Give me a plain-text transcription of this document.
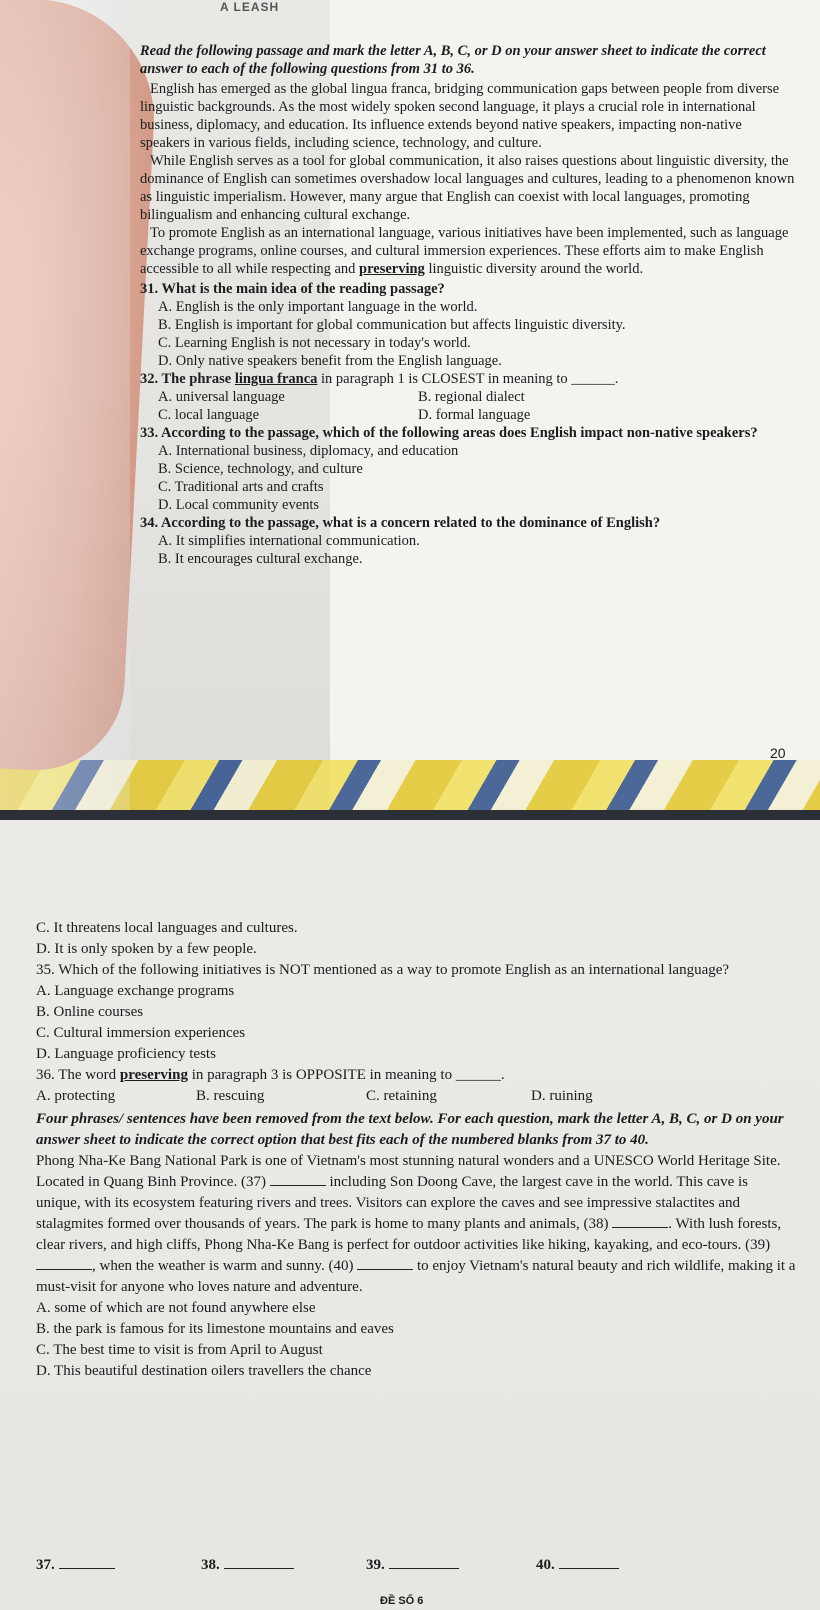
A LEASH

Read the following passage and mark the letter A, B, C, or D on your answer sheet to indicate the correct answer to each of the following questions from 31 to 36.

English has emerged as the global lingua franca, bridging communication gaps between people from diverse linguistic backgrounds. As the most widely spoken second language, it plays a crucial role in international business, diplomacy, and education. Its influence extends beyond native speakers, impacting non-native speakers in various fields, including science, technology, and culture.

While English serves as a tool for global communication, it also raises questions about linguistic diversity, the dominance of English can sometimes overshadow local languages and cultures, leading to a phenomenon known as linguistic imperialism. However, many argue that English can coexist with local languages, promoting bilingualism and enhancing cultural exchange.

To promote English as an international language, various initiatives have been implemented, such as language exchange programs, online courses, and cultural immersion experiences. These efforts aim to make English accessible to all while respecting and preserving linguistic diversity around the world.

31. What is the main idea of the reading passage?

A. English is the only important language in the world.

B. English is important for global communication but affects linguistic diversity.

C. Learning English is not necessary in today's world.

D. Only native speakers benefit from the English language.

32. The phrase lingua franca in paragraph 1 is CLOSEST in meaning to ______.

A. universal language	B. regional dialect
C. local language	D. formal language

33. According to the passage, which of the following areas does English impact non-native speakers?

A. International business, diplomacy, and education

B. Science, technology, and culture

C. Traditional arts and crafts

D. Local community events

34. According to the passage, what is a concern related to the dominance of English?

A. It simplifies international communication.

B. It encourages cultural exchange.

20

C. It threatens local languages and cultures.

D. It is only spoken by a few people.

35. Which of the following initiatives is NOT mentioned as a way to promote English as an international language?

A. Language exchange programs

B. Online courses

C. Cultural immersion experiences

D. Language proficiency tests

36. The word preserving in paragraph 3 is OPPOSITE in meaning to ______.

A. protecting	B. rescuing	C. retaining	D. ruining

Four phrases/ sentences have been removed from the text below. For each question, mark the letter A, B, C, or D on your answer sheet to indicate the correct option that best fits each of the numbered blanks from 37 to 40.

Phong Nha-Ke Bang National Park is one of Vietnam's most stunning natural wonders and a UNESCO World Heritage Site. Located in Quang Binh Province. (37)	including Son Doong Cave, the largest cave in the world. This cave is unique, with its ecosystem featuring rivers and trees. Visitors can explore the caves and see impressive stalactites and stalagmites formed over thousands of years. The park is home to many plants and animals, (38)	. With lush forests, clear rivers, and high cliffs, Phong Nha-Ke Bang is perfect for outdoor activities like hiking, kayaking, and eco-tours. (39) , when the weather is warm and sunny. (40)	to enjoy Vietnam's natural beauty and rich wildlife, making it a must-visit for anyone who loves nature and adventure.

A. some of which are not found anywhere else

B. the park is famous for its limestone mountains and eaves

C. The best time to visit is from April to August

D. This beautiful destination oilers travellers the chance

37.	38.	39.	40.
ĐỀ SỐ 6
